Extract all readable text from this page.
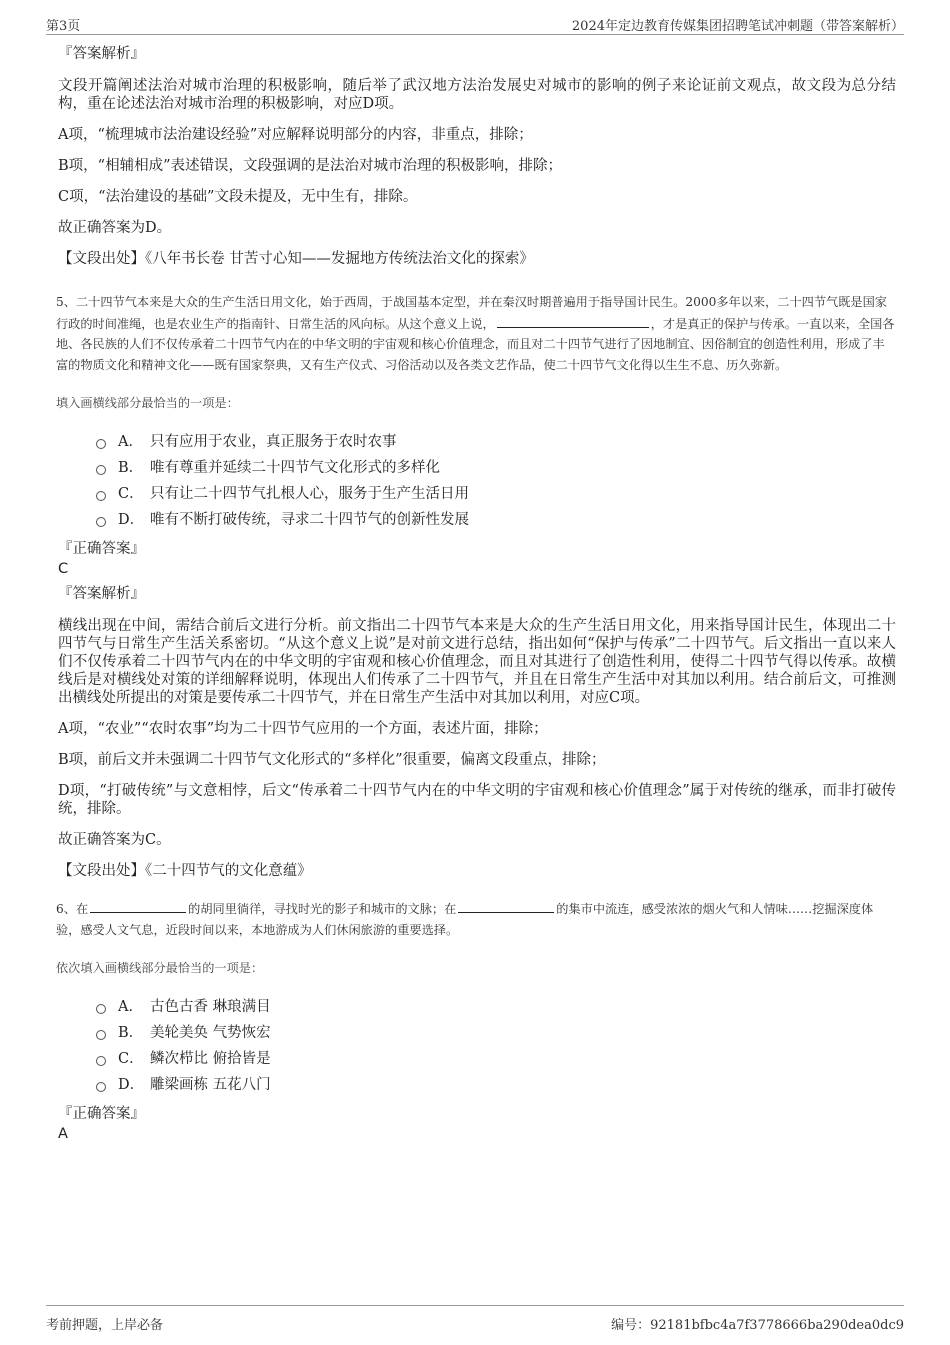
第3页	2024年定边教育传媒集团招聘笔试冲刺题（带答案解析）
『答案解析』

文段开篇阐述法治对城市治理的积极影响，随后举了武汉地方法治发展史对城市的影响的例子来论证前文观点，故文段为总分结构，重在论述法治对城市治理的积极影响，对应D项。

A项，“梳理城市法治建设经验”对应解释说明部分的内容，非重点，排除；

B项，“相辅相成”表述错误，文段强调的是法治对城市治理的积极影响，排除；

C项，“法治建设的基础”文段未提及，无中生有，排除。

故正确答案为D。

【文段出处】《八年书长卷 甘苦寸心知——发掘地方传统法治文化的探索》

5、二十四节气本来是大众的生产生活日用文化，始于西周，于战国基本定型，并在秦汉时期普遍用于指导国计民生。2000多年以来，二十四节气既是国家行政的时间准绳，也是农业生产的指南针、日常生活的风向标。从这个意义上说，	，才是真正的保护与传承。一直以来，全国各地、各民族的人们不仅传承着二十四节气内在的中华文明的宇宙观和核心价值理念，而且对二十四节气进行了因地制宜、因俗制宜的创造性利用，形成了丰富的物质文化和精神文化——既有国家祭典，又有生产仪式、习俗活动以及各类文艺作品，使二十四节气文化得以生生不息、历久弥新。

填入画横线部分最恰当的一项是：

A． 只有应用于农业，真正服务于农时农事
B． 唯有尊重并延续二十四节气文化形式的多样化
C． 只有让二十四节气扎根人心，服务于生产生活日用
D． 唯有不断打破传统，寻求二十四节气的创新性发展
『正确答案』
C
『答案解析』

横线出现在中间，需结合前后文进行分析。前文指出二十四节气本来是大众的生产生活日用文化，用来指导国计民生，体现出二十四节气与日常生产生活关系密切。“从这个意义上说”是对前文进行总结，指出如何“保护与传承”二十四节气。后文指出一直以来人们不仅传承着二十四节气内在的中华文明的宇宙观和核心价值理念，而且对其进行了创造性利用，使得二十四节气得以传承。故横线后是对横线处对策的详细解释说明，体现出人们传承了二十四节气，并且在日常生产生活中对其加以利用。结合前后文，可推测出横线处所提出的对策是要传承二十四节气，并在日常生产生活中对其加以利用，对应C项。

A项，“农业”“农时农事”均为二十四节气应用的一个方面，表述片面，排除；

B项，前后文并未强调二十四节气文化形式的“多样化”很重要，偏离文段重点，排除；

D项，“打破传统”与文意相悖，后文“传承着二十四节气内在的中华文明的宇宙观和核心价值理念”属于对传统的继承，而非打破传统，排除。

故正确答案为C。

【文段出处】《二十四节气的文化意蕴》

6、在	的胡同里徜徉，寻找时光的影子和城市的文脉；在	的集市中流连，感受浓浓的烟火气和人情味……挖掘深度体验，感受人文气息，近段时间以来，本地游成为人们休闲旅游的重要选择。

依次填入画横线部分最恰当的一项是：

A． 古色古香 琳琅满目
B． 美轮美奂 气势恢宏
C． 鳞次栉比 俯拾皆是
D． 雕梁画栋 五花八门
『正确答案』
A
考前押题，上岸必备	编号：92181bfbc4a7f3778666ba290dea0dc9
